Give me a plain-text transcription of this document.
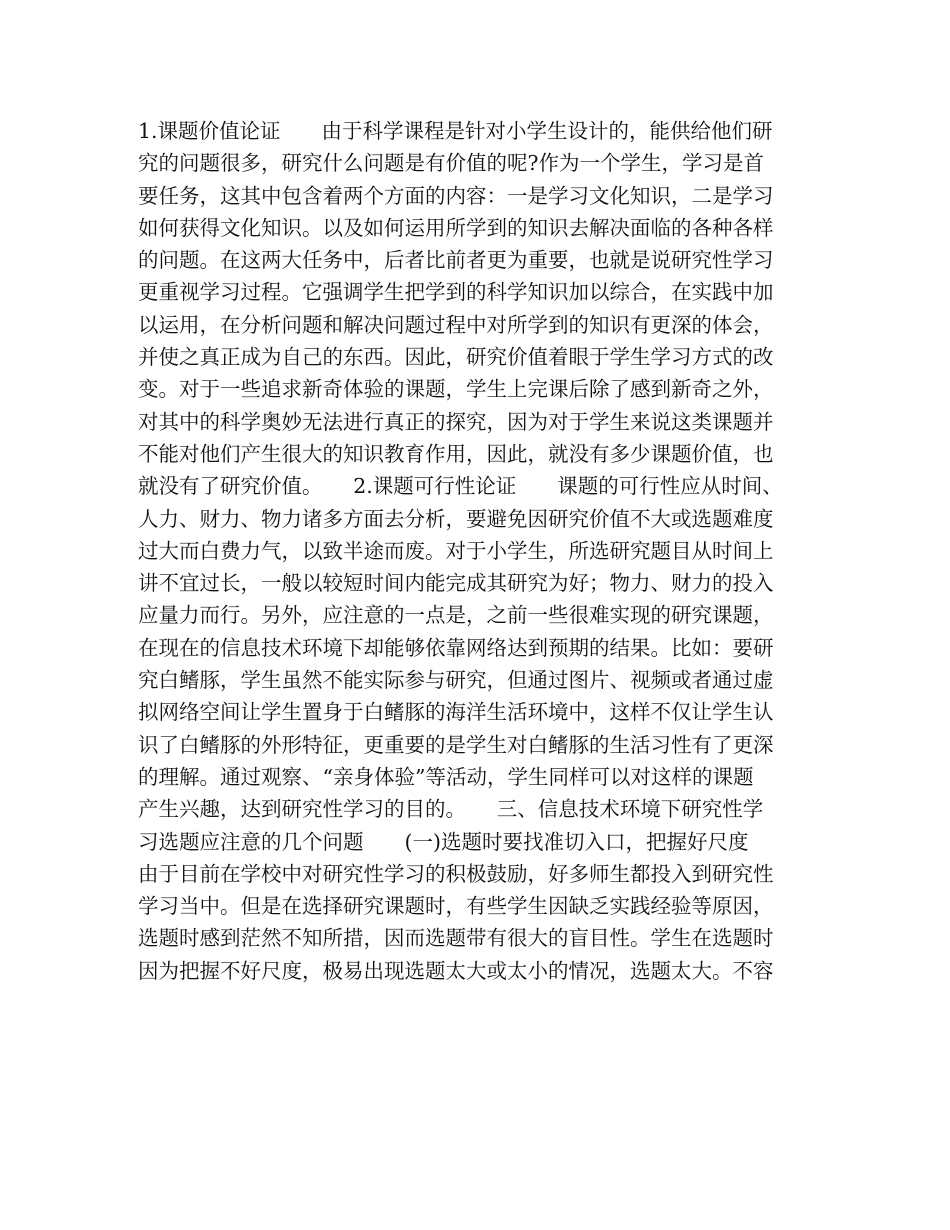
1.课题价值论证　　由于科学课程是针对小学生设计的，能供给他们研
究的问题很多，研究什么问题是有价值的呢?作为一个学生，学习是首
要任务，这其中包含着两个方面的内容：一是学习文化知识，二是学习
如何获得文化知识。以及如何运用所学到的知识去解决面临的各种各样
的问题。在这两大任务中，后者比前者更为重要，也就是说研究性学习
更重视学习过程。它强调学生把学到的科学知识加以综合，在实践中加
以运用，在分析问题和解决问题过程中对所学到的知识有更深的体会，
并使之真正成为自己的东西。因此，研究价值着眼于学生学习方式的改
变。对于一些追求新奇体验的课题，学生上完课后除了感到新奇之外，
对其中的科学奥妙无法进行真正的探究，因为对于学生来说这类课题并
不能对他们产生很大的知识教育作用，因此，就没有多少课题价值，也
就没有了研究价值。　　2.课题可行性论证　　课题的可行性应从时间、
人力、财力、物力诸多方面去分析，要避免因研究价值不大或选题难度
过大而白费力气，以致半途而废。对于小学生，所选研究题目从时间上
讲不宜过长，一般以较短时间内能完成其研究为好；物力、财力的投入
应量力而行。另外，应注意的一点是，之前一些很难实现的研究课题，
在现在的信息技术环境下却能够依靠网络达到预期的结果。比如：要研
究白鳍豚，学生虽然不能实际参与研究，但通过图片、视频或者通过虚
拟网络空间让学生置身于白鳍豚的海洋生活环境中，这样不仅让学生认
识了白鳍豚的外形特征，更重要的是学生对白鳍豚的生活习性有了更深
的理解。通过观察、“亲身体验”等活动，学生同样可以对这样的课题
产生兴趣，达到研究性学习的目的。　　三、信息技术环境下研究性学
习选题应注意的几个问题　　(一)选题时要找准切入口，把握好尺度
由于目前在学校中对研究性学习的积极鼓励，好多师生都投入到研究性
学习当中。但是在选择研究课题时，有些学生因缺乏实践经验等原因，
选题时感到茫然不知所措，因而选题带有很大的盲目性。学生在选题时
因为把握不好尺度，极易出现选题太大或太小的情况，选题太大。不容
